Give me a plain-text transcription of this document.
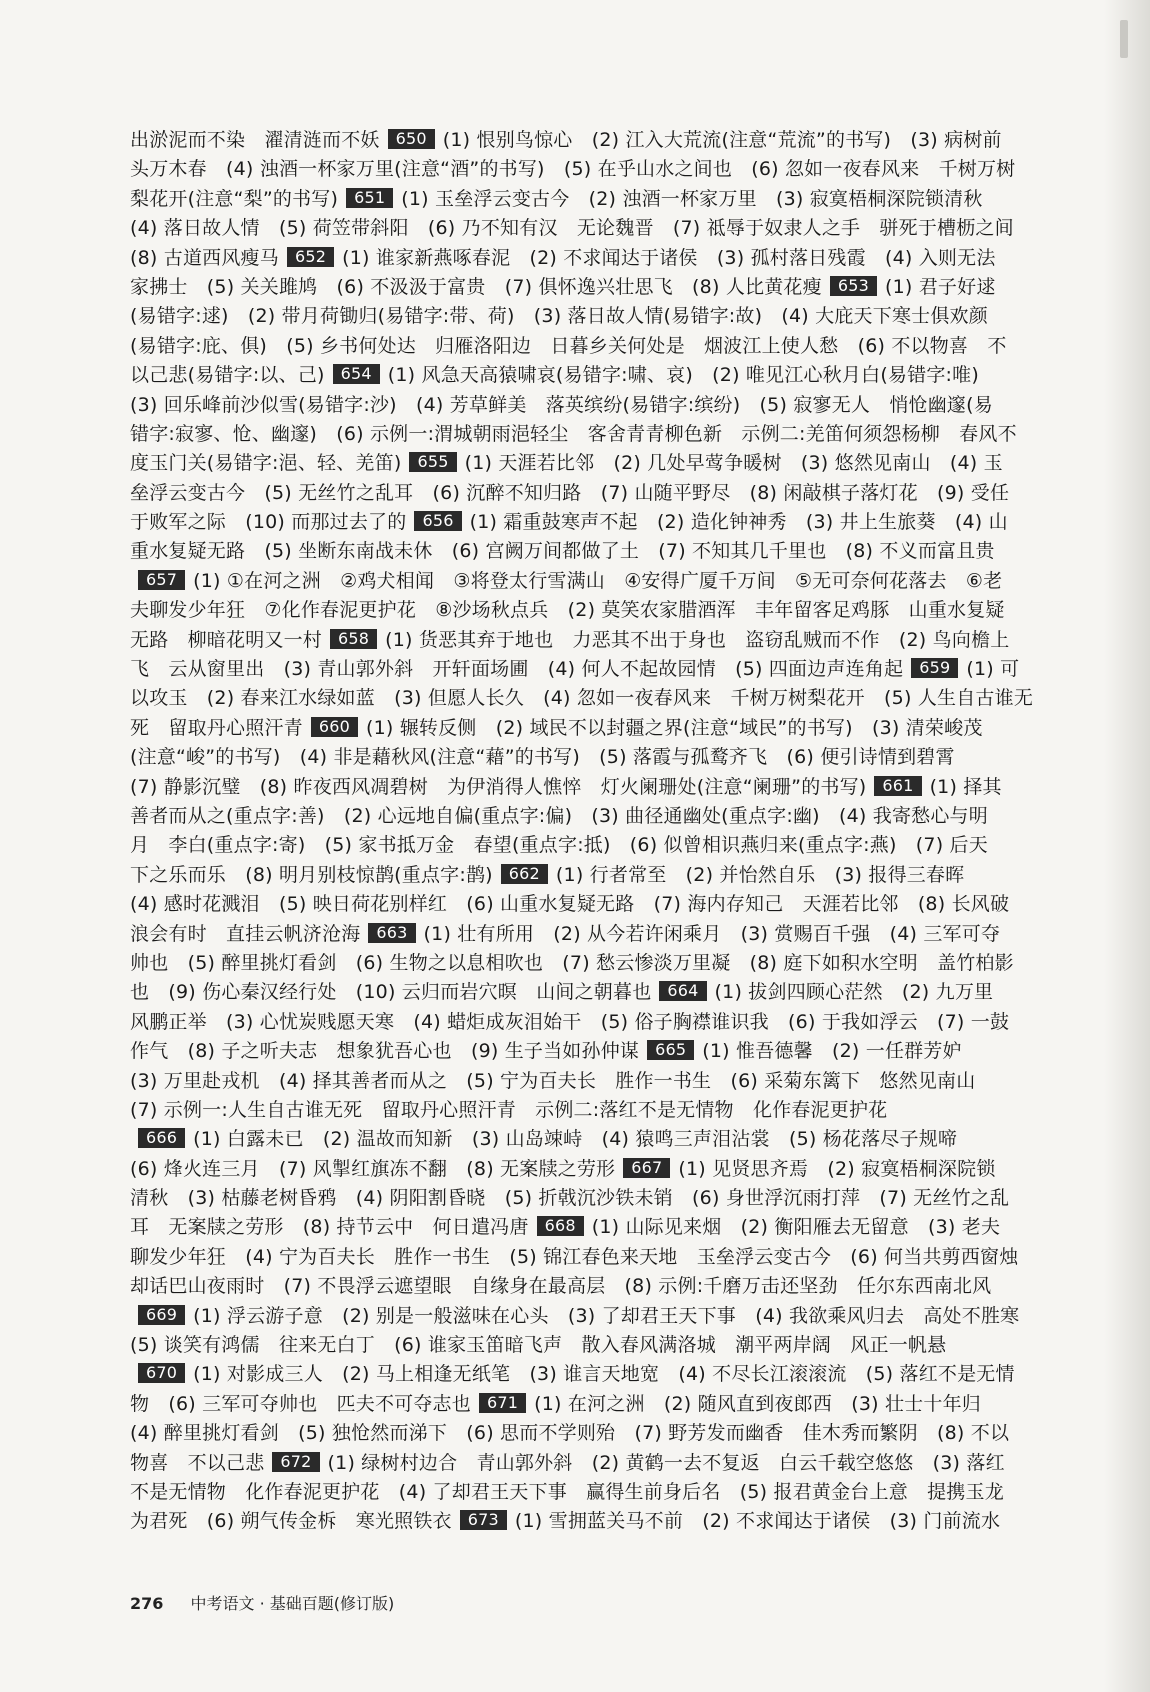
出淤泥而不染　濯清涟而不妖 650 (1) 恨别鸟惊心　(2) 江入大荒流(注意“荒流”的书写)　(3) 病树前
头万木春　(4) 浊酒一杯家万里(注意“酒”的书写)　(5) 在乎山水之间也　(6) 忽如一夜春风来　千树万树
梨花开(注意“梨”的书写) 651 (1) 玉垒浮云变古今　(2) 浊酒一杯家万里　(3) 寂寞梧桐深院锁清秋
(4) 落日故人情　(5) 荷笠带斜阳　(6) 乃不知有汉　无论魏晋　(7) 祗辱于奴隶人之手　骈死于槽枥之间
(8) 古道西风瘦马 652 (1) 谁家新燕啄春泥　(2) 不求闻达于诸侯　(3) 孤村落日残霞　(4) 入则无法
家拂士　(5) 关关雎鸠　(6) 不汲汲于富贵　(7) 俱怀逸兴壮思飞　(8) 人比黄花瘦 653 (1) 君子好逑
(易错字:逑)　(2) 带月荷锄归(易错字:带、荷)　(3) 落日故人情(易错字:故)　(4) 大庇天下寒士俱欢颜
(易错字:庇、俱)　(5) 乡书何处达　归雁洛阳边　日暮乡关何处是　烟波江上使人愁　(6) 不以物喜　不
以己悲(易错字:以、己) 654 (1) 风急天高猿啸哀(易错字:啸、哀)　(2) 唯见江心秋月白(易错字:唯)
(3) 回乐峰前沙似雪(易错字:沙)　(4) 芳草鲜美　落英缤纷(易错字:缤纷)　(5) 寂寥无人　悄怆幽邃(易
错字:寂寥、怆、幽邃)　(6) 示例一:渭城朝雨浥轻尘　客舍青青柳色新　示例二:羌笛何须怨杨柳　春风不
度玉门关(易错字:浥、轻、羌笛) 655 (1) 天涯若比邻　(2) 几处早莺争暖树　(3) 悠然见南山　(4) 玉
垒浮云变古今　(5) 无丝竹之乱耳　(6) 沉醉不知归路　(7) 山随平野尽　(8) 闲敲棋子落灯花　(9) 受任
于败军之际　(10) 而那过去了的 656 (1) 霜重鼓寒声不起　(2) 造化钟神秀　(3) 井上生旅葵　(4) 山
重水复疑无路　(5) 坐断东南战未休　(6) 宫阙万间都做了土　(7) 不知其几千里也　(8) 不义而富且贵
657 (1) ①在河之洲　②鸡犬相闻　③将登太行雪满山　④安得广厦千万间　⑤无可奈何花落去　⑥老
夫聊发少年狂　⑦化作春泥更护花　⑧沙场秋点兵　(2) 莫笑农家腊酒浑　丰年留客足鸡豚　山重水复疑
无路　柳暗花明又一村 658 (1) 货恶其弃于地也　力恶其不出于身也　盗窃乱贼而不作　(2) 鸟向檐上
飞　云从窗里出　(3) 青山郭外斜　开轩面场圃　(4) 何人不起故园情　(5) 四面边声连角起 659 (1) 可
以攻玉　(2) 春来江水绿如蓝　(3) 但愿人长久　(4) 忽如一夜春风来　千树万树梨花开　(5) 人生自古谁无
死　留取丹心照汗青 660 (1) 辗转反侧　(2) 域民不以封疆之界(注意“域民”的书写)　(3) 清荣峻茂
(注意“峻”的书写)　(4) 非是藉秋风(注意“藉”的书写)　(5) 落霞与孤鹜齐飞　(6) 便引诗情到碧霄
(7) 静影沉璧　(8) 昨夜西风凋碧树　为伊消得人憔悴　灯火阑珊处(注意“阑珊”的书写) 661 (1) 择其
善者而从之(重点字:善)　(2) 心远地自偏(重点字:偏)　(3) 曲径通幽处(重点字:幽)　(4) 我寄愁心与明
月　李白(重点字:寄)　(5) 家书抵万金　春望(重点字:抵)　(6) 似曾相识燕归来(重点字:燕)　(7) 后天
下之乐而乐　(8) 明月别枝惊鹊(重点字:鹊) 662 (1) 行者常至　(2) 并怡然自乐　(3) 报得三春晖
(4) 感时花溅泪　(5) 映日荷花别样红　(6) 山重水复疑无路　(7) 海内存知己　天涯若比邻　(8) 长风破
浪会有时　直挂云帆济沧海 663 (1) 壮有所用　(2) 从今若许闲乘月　(3) 赏赐百千强　(4) 三军可夺
帅也　(5) 醉里挑灯看剑　(6) 生物之以息相吹也　(7) 愁云惨淡万里凝　(8) 庭下如积水空明　盖竹柏影
也　(9) 伤心秦汉经行处　(10) 云归而岩穴暝　山间之朝暮也 664 (1) 拔剑四顾心茫然　(2) 九万里
风鹏正举　(3) 心忧炭贱愿天寒　(4) 蜡炬成灰泪始干　(5) 俗子胸襟谁识我　(6) 于我如浮云　(7) 一鼓
作气　(8) 子之听夫志　想象犹吾心也　(9) 生子当如孙仲谋 665 (1) 惟吾德馨　(2) 一任群芳妒
(3) 万里赴戎机　(4) 择其善者而从之　(5) 宁为百夫长　胜作一书生　(6) 采菊东篱下　悠然见南山
(7) 示例一:人生自古谁无死　留取丹心照汗青　示例二:落红不是无情物　化作春泥更护花
666 (1) 白露未已　(2) 温故而知新　(3) 山岛竦峙　(4) 猿鸣三声泪沾裳　(5) 杨花落尽子规啼
(6) 烽火连三月　(7) 风掣红旗冻不翻　(8) 无案牍之劳形 667 (1) 见贤思齐焉　(2) 寂寞梧桐深院锁
清秋　(3) 枯藤老树昏鸦　(4) 阴阳割昏晓　(5) 折戟沉沙铁未销　(6) 身世浮沉雨打萍　(7) 无丝竹之乱
耳　无案牍之劳形　(8) 持节云中　何日遣冯唐 668 (1) 山际见来烟　(2) 衡阳雁去无留意　(3) 老夫
聊发少年狂　(4) 宁为百夫长　胜作一书生　(5) 锦江春色来天地　玉垒浮云变古今　(6) 何当共剪西窗烛
却话巴山夜雨时　(7) 不畏浮云遮望眼　自缘身在最高层　(8) 示例:千磨万击还坚劲　任尔东西南北风
669 (1) 浮云游子意　(2) 别是一般滋味在心头　(3) 了却君王天下事　(4) 我欲乘风归去　高处不胜寒
(5) 谈笑有鸿儒　往来无白丁　(6) 谁家玉笛暗飞声　散入春风满洛城　潮平两岸阔　风正一帆悬
670 (1) 对影成三人　(2) 马上相逢无纸笔　(3) 谁言天地宽　(4) 不尽长江滚滚流　(5) 落红不是无情
物　(6) 三军可夺帅也　匹夫不可夺志也 671 (1) 在河之洲　(2) 随风直到夜郎西　(3) 壮士十年归
(4) 醉里挑灯看剑　(5) 独怆然而涕下　(6) 思而不学则殆　(7) 野芳发而幽香　佳木秀而繁阴　(8) 不以
物喜　不以己悲 672 (1) 绿树村边合　青山郭外斜　(2) 黄鹤一去不复返　白云千载空悠悠　(3) 落红
不是无情物　化作春泥更护花　(4) 了却君王天下事　赢得生前身后名　(5) 报君黄金台上意　提携玉龙
为君死　(6) 朔气传金柝　寒光照铁衣 673 (1) 雪拥蓝关马不前　(2) 不求闻达于诸侯　(3) 门前流水
276 中考语文 · 基础百题(修订版)
